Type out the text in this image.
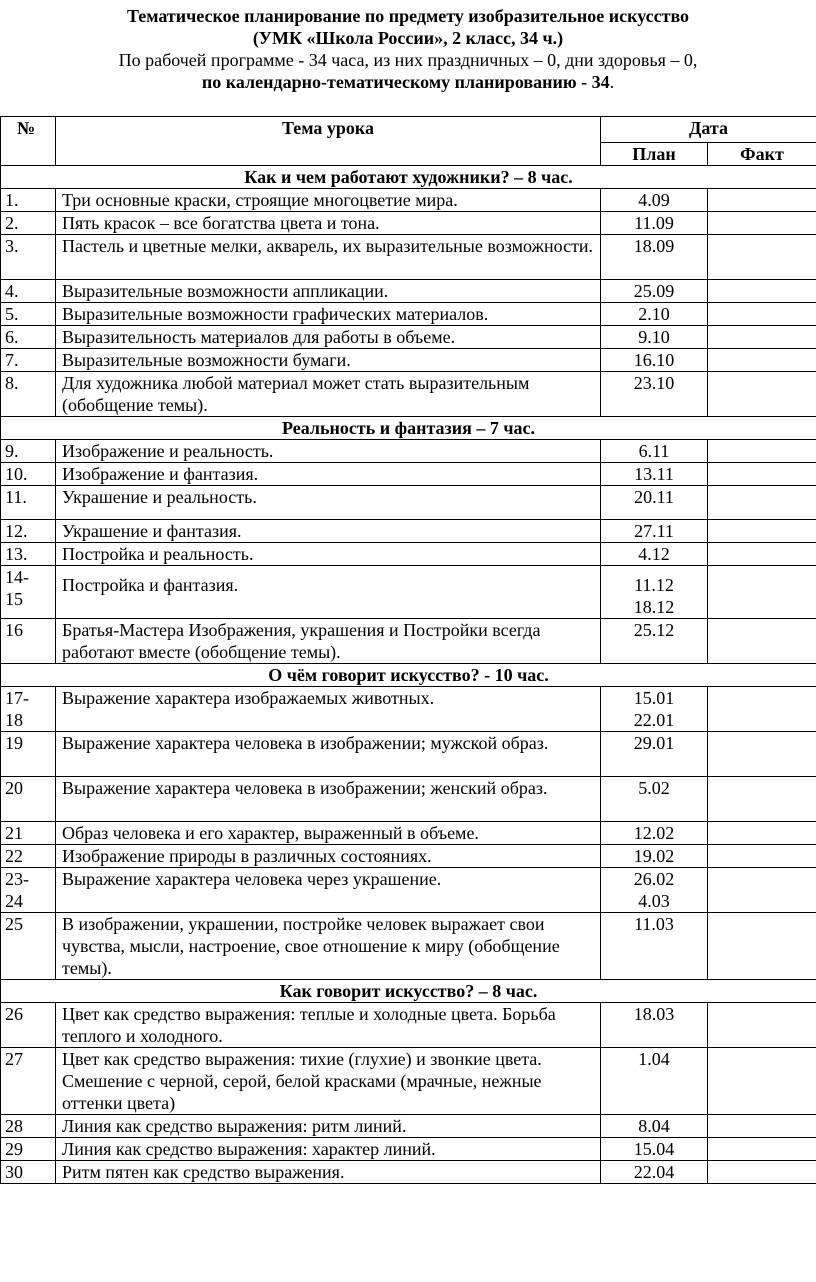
Тематическое планирование по предмету изобразительное искусство
(УМК «Школа России», 2 класс, 34 ч.)
По рабочей программе - 34 часа, из них праздничных – 0, дни здоровья – 0,
по календарно-тематическому планированию - 34.
№	Тема урока	Дата	
		План	Факт
Как и чем работают художники? – 8 час.			
1.	Три основные краски, строящие многоцветие мира.	4.09	
2.	Пять красок – все богатства цвета и тона.	11.09	
3.	Пастель и цветные мелки, акварель, их выразительные возможности.	18.09	
4.	Выразительные возможности аппликации.	25.09	
5.	Выразительные возможности графических материалов.	2.10	
6.	Выразительность материалов для работы в объеме.	9.10	
7.	Выразительные возможности бумаги.	16.10	
8.	Для художника любой материал может стать выразительным (обобщение темы).	23.10	
Реальность и фантазия – 7 час.			
9.	Изображение и реальность.	6.11	
10.	Изображение и фантазия.	13.11	
11.	Украшение и реальность.	20.11	
12.	Украшение и фантазия.	27.11	
13.	Постройка и реальность.	4.12	
14-15	Постройка и фантазия.	11.12 18.12	
16	Братья-Мастера Изображения, украшения и Постройки всегда работают вместе (обобщение темы).	25.12	
О чём говорит искусство? - 10 час.			
17-18	Выражение характера изображаемых животных.	15.01 22.01	
19	Выражение характера человека в изображении; мужской образ.	29.01	
20	Выражение характера человека в изображении; женский образ.	5.02	
21	Образ человека и его характер, выраженный в объеме.	12.02	
22	Изображение природы в различных состояниях.	19.02	
23-24	Выражение характера человека через украшение.	26.02 4.03	
25	В изображении, украшении, постройке человек выражает свои чувства, мысли, настроение, свое отношение к миру (обобщение темы).	11.03	
Как говорит искусство? – 8 час.			
26	Цвет как средство выражения: теплые и холодные цвета. Борьба теплого и холодного.	18.03	
27	Цвет как средство выражения: тихие (глухие) и звонкие цвета. Смешение с черной, серой, белой красками (мрачные, нежные оттенки цвета)	1.04	
28	Линия как средство выражения: ритм линий.	8.04	
29	Линия как средство выражения: характер линий.	15.04	
30	Ритм пятен как средство выражения.	22.04	
